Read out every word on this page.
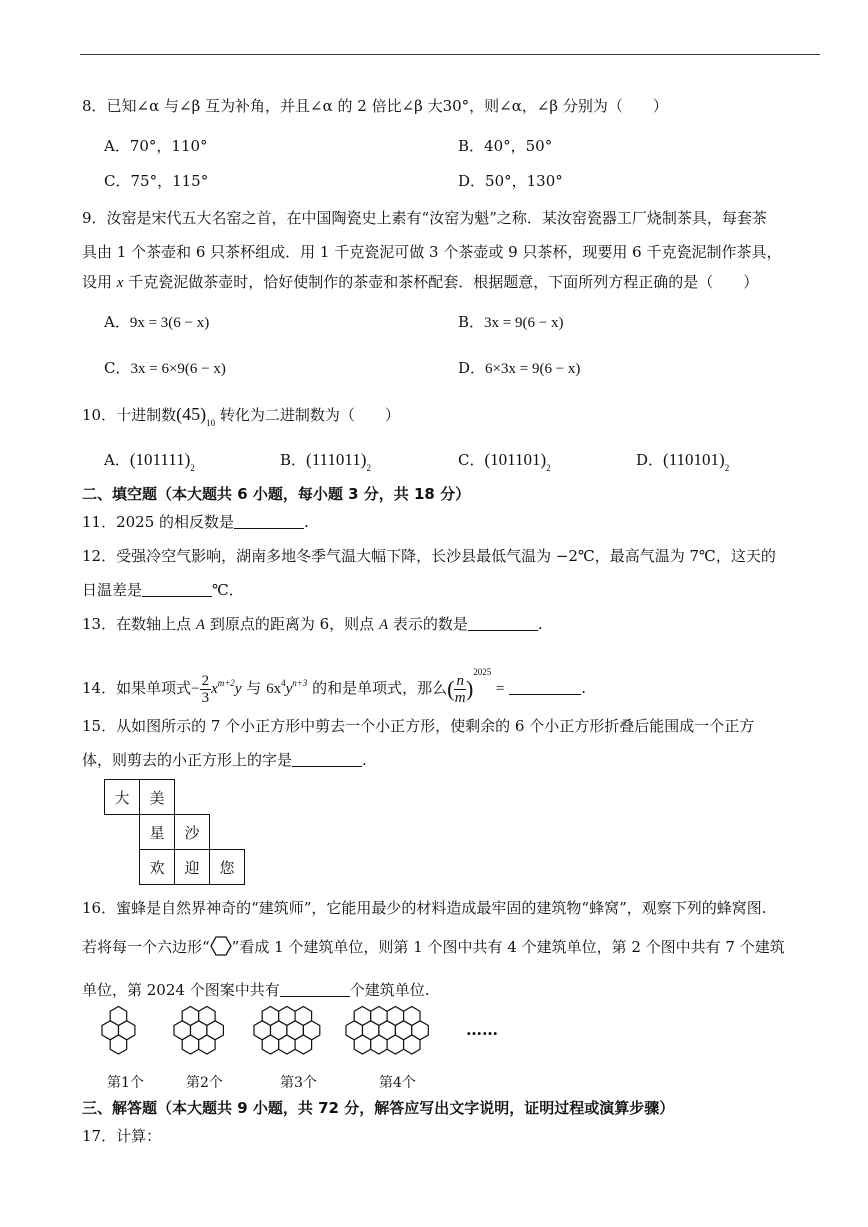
8．已知∠α 与∠β 互为补角，并且∠α 的 2 倍比∠β 大30°，则∠α，∠β 分别为（　　）
A．70°，110°	B．40°，50°
C．75°，115°	D．50°，130°
9．汝窑是宋代五大名窑之首，在中国陶瓷史上素有“汝窑为魁”之称．某汝窑瓷器工厂烧制茶具，每套茶
具由 1 个茶壶和 6 只茶杯组成．用 1 千克瓷泥可做 3 个茶壶或 9 只茶杯，现要用 6 千克瓷泥制作茶具，
设用 x 千克瓷泥做茶壶时，恰好使制作的茶壶和茶杯配套．根据题意，下面所列方程正确的是（　　）
A．9x = 3(6 − x)	B．3x = 9(6 − x)
C．3x = 6×9(6 − x)	D．6×3x = 9(6 − x)
10．十进制数$(45)_{10}$ 转化为二进制数为（　　）
A．$(101111)_2$	B．$(111011)_2$	C．$(101101)_2$	D．$(110101)_2$
二、填空题（本大题共 6 小题，每小题 3 分，共 18 分）
11．2025 的相反数是	.
12．受强冷空气影响，湖南多地冬季气温大幅下降，长沙县最低气温为 −2℃，最高气温为 7℃，这天的
日温差是	℃．
13．在数轴上点 A 到原点的距离为 6，则点 A 表示的数是	.
14．如果单项式− $\frac{2}{3} x^{m+2}y$ 与 $6x^4y^{n+3}$ 的和是单项式，那么( $\frac{n}{m} )^{2025}$ =	.
15．从如图所示的 7 个小正方形中剪去一个小正方形，使剩余的 6 个小正方形折叠后能围成一个正方
体，则剪去的小正方形上的字是	.
大	美		
	星	沙	
	欢	迎	您
16．蜜蜂是自然界神奇的“建筑师”，它能用最少的材料造成最牢固的建筑物“蜂窝”，观察下列的蜂窝图.
若将每一个六边形“ ”看成 1 个建筑单位，则第 1 个图中共有 4 个建筑单位，第 2 个图中共有 7 个建筑
单位，第 2024 个图案中共有	个建筑单位.
……
第1个	第2个	第3个	第4个
三、解答题（本大题共 9 小题，共 72 分，解答应写出文字说明，证明过程或演算步骤）
17．计算：
